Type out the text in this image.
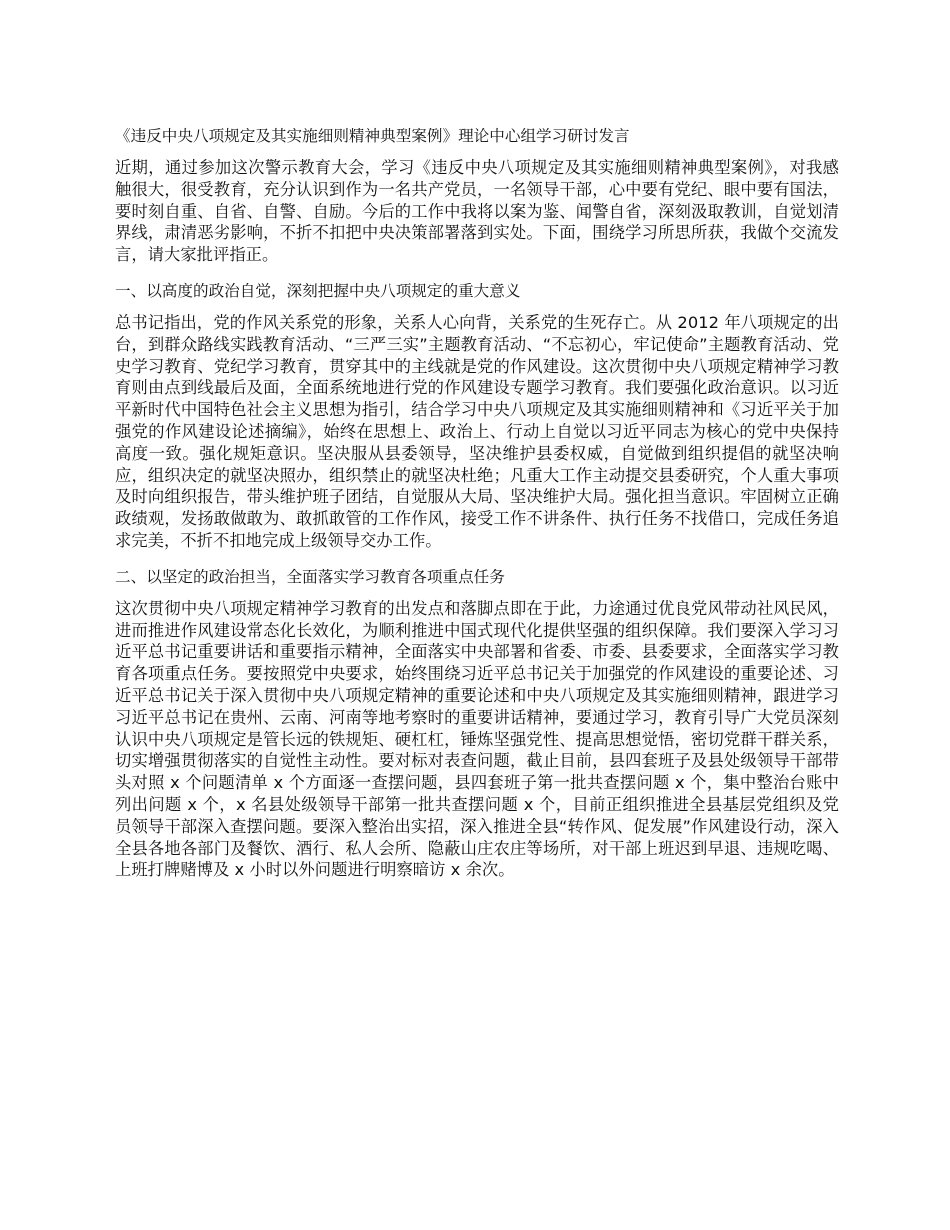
《违反中央八项规定及其实施细则精神典型案例》理论中心组学习研讨发言

近期，通过参加这次警示教育大会，学习《违反中央八项规定及其实施细则精神典型案例》，对我感触很大，很受教育，充分认识到作为一名共产党员，一名领导干部，心中要有党纪、眼中要有国法，要时刻自重、自省、自警、自励。今后的工作中我将以案为鉴、闻警自省，深刻汲取教训，自觉划清界线，肃清恶劣影响，不折不扣把中央决策部署落到实处。下面，围绕学习所思所获，我做个交流发言，请大家批评指正。

一、以高度的政治自觉，深刻把握中央八项规定的重大意义

总书记指出，党的作风关系党的形象，关系人心向背，关系党的生死存亡。从 2012 年八项规定的出台，到群众路线实践教育活动、“三严三实”主题教育活动、“不忘初心，牢记使命”主题教育活动、党史学习教育、党纪学习教育，贯穿其中的主线就是党的作风建设。这次贯彻中央八项规定精神学习教育则由点到线最后及面，全面系统地进行党的作风建设专题学习教育。我们要强化政治意识。以习近平新时代中国特色社会主义思想为指引，结合学习中央八项规定及其实施细则精神和《习近平关于加强党的作风建设论述摘编》，始终在思想上、政治上、行动上自觉以习近平同志为核心的党中央保持高度一致。强化规矩意识。坚决服从县委领导，坚决维护县委权威，自觉做到组织提倡的就坚决响应，组织决定的就坚决照办，组织禁止的就坚决杜绝；凡重大工作主动提交县委研究，个人重大事项及时向组织报告，带头维护班子团结，自觉服从大局、坚决维护大局。强化担当意识。牢固树立正确政绩观，发扬敢做敢为、敢抓敢管的工作作风，接受工作不讲条件、执行任务不找借口，完成任务追求完美，不折不扣地完成上级领导交办工作。

二、以坚定的政治担当，全面落实学习教育各项重点任务

这次贯彻中央八项规定精神学习教育的出发点和落脚点即在于此，力途通过优良党风带动社风民风，进而推进作风建设常态化长效化，为顺利推进中国式现代化提供坚强的组织保障。我们要深入学习习近平总书记重要讲话和重要指示精神，全面落实中央部署和省委、市委、县委要求，全面落实学习教育各项重点任务。要按照党中央要求，始终围绕习近平总书记关于加强党的作风建设的重要论述、习近平总书记关于深入贯彻中央八项规定精神的重要论述和中央八项规定及其实施细则精神，跟进学习习近平总书记在贵州、云南、河南等地考察时的重要讲话精神，要通过学习，教育引导广大党员深刻认识中央八项规定是管长远的铁规矩、硬杠杠，锤炼坚强党性、提高思想觉悟，密切党群干群关系，切实增强贯彻落实的自觉性主动性。要对标对表查问题，截止目前，县四套班子及县处级领导干部带头对照 x 个问题清单 x 个方面逐一查摆问题，县四套班子第一批共查摆问题 x 个，集中整治台账中列出问题 x 个，x 名县处级领导干部第一批共查摆问题 x 个，目前正组织推进全县基层党组织及党员领导干部深入查摆问题。要深入整治出实招，深入推进全县“转作风、促发展”作风建设行动，深入全县各地各部门及餐饮、酒行、私人会所、隐蔽山庄农庄等场所，对干部上班迟到早退、违规吃喝、上班打牌赌博及 x 小时以外问题进行明察暗访 x 余次。
